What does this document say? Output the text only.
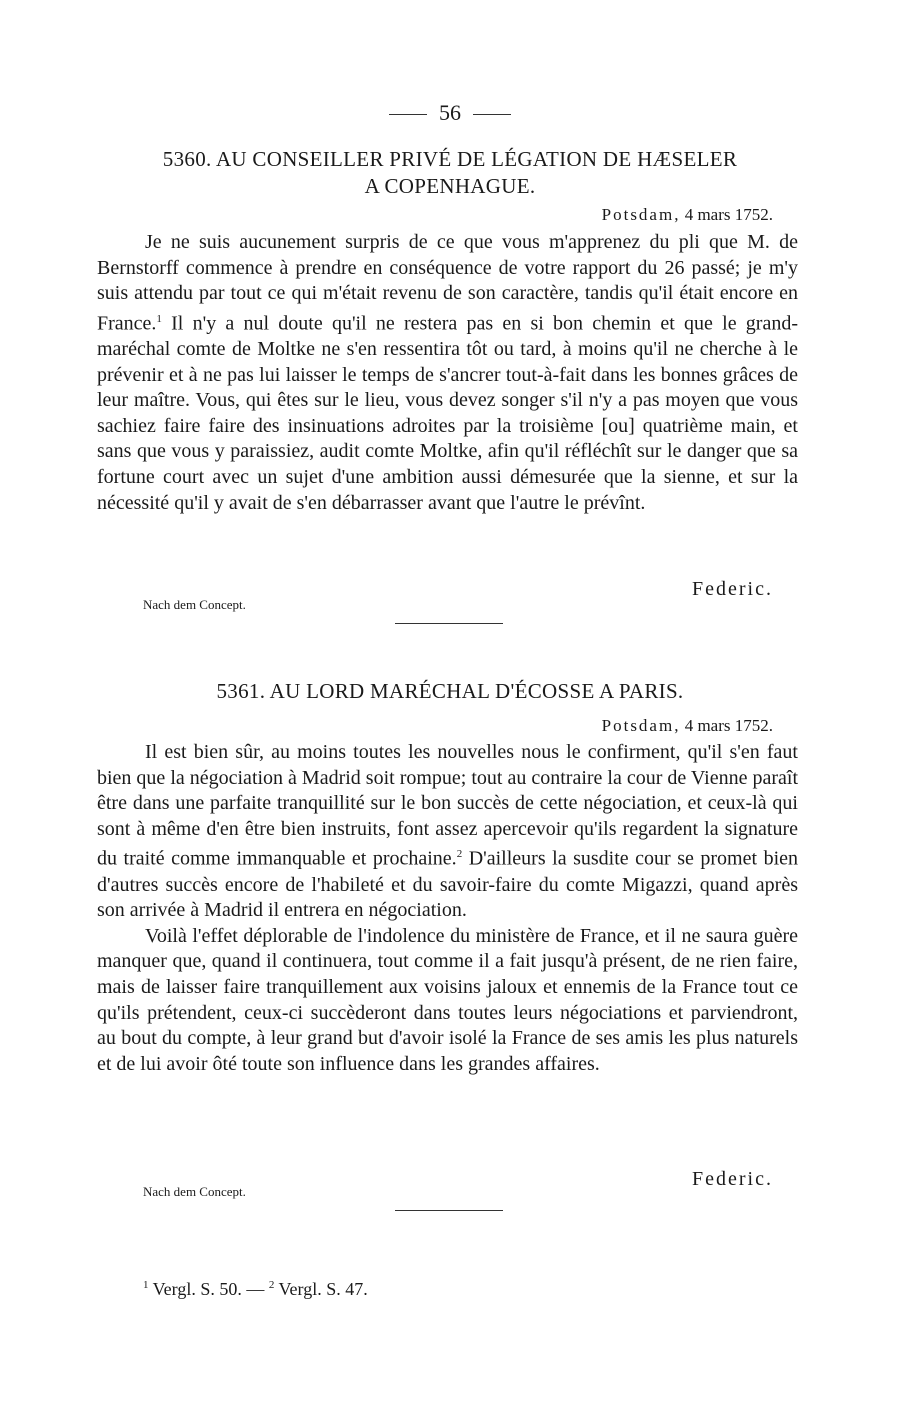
56
5360. AU CONSEILLER PRIVÉ DE LÉGATION DE HÆSELER
A COPENHAGUE.
Potsdam, 4 mars 1752.

Je ne suis aucunement surpris de ce que vous m'apprenez du pli que M. de Bernstorff commence à prendre en conséquence de votre rapport du 26 passé; je m'y suis attendu par tout ce qui m'était revenu de son caractère, tandis qu'il était encore en France.$^1$ Il n'y a nul doute qu'il ne restera pas en si bon chemin et que le grand-maréchal comte de Moltke ne s'en ressentira tôt ou tard, à moins qu'il ne cherche à le prévenir et à ne pas lui laisser le temps de s'ancrer tout-à-fait dans les bonnes grâces de leur maître. Vous, qui êtes sur le lieu, vous devez songer s'il n'y a pas moyen que vous sachiez faire faire des insinuations adroites par la troisième [ou] quatrième main, et sans que vous y paraissiez, audit comte Moltke, afin qu'il réfléchît sur le danger que sa fortune court avec un sujet d'une ambition aussi démesurée que la sienne, et sur la nécessité qu'il y avait de s'en débarrasser avant que l'autre le prévînt.

Federic.
Nach dem Concept.
5361. AU LORD MARÉCHAL D'ÉCOSSE A PARIS.
Potsdam, 4 mars 1752.

Il est bien sûr, au moins toutes les nouvelles nous le confirment, qu'il s'en faut bien que la négociation à Madrid soit rompue; tout au contraire la cour de Vienne paraît être dans une parfaite tranquillité sur le bon succès de cette négociation, et ceux-là qui sont à même d'en être bien instruits, font assez apercevoir qu'ils regardent la signature du traité comme immanquable et prochaine.$^2$ D'ailleurs la susdite cour se promet bien d'autres succès encore de l'habileté et du savoir-faire du comte Migazzi, quand après son arrivée à Madrid il entrera en négociation.

Voilà l'effet déplorable de l'indolence du ministère de France, et il ne saura guère manquer que, quand il continuera, tout comme il a fait jusqu'à présent, de ne rien faire, mais de laisser faire tranquillement aux voisins jaloux et ennemis de la France tout ce qu'ils prétendent, ceux-ci succèderont dans toutes leurs négociations et parviendront, au bout du compte, à leur grand but d'avoir isolé la France de ses amis les plus naturels et de lui avoir ôté toute son influence dans les grandes affaires.

Federic.
Nach dem Concept.
$^1$ Vergl. S. 50. — $^2$ Vergl. S. 47.
